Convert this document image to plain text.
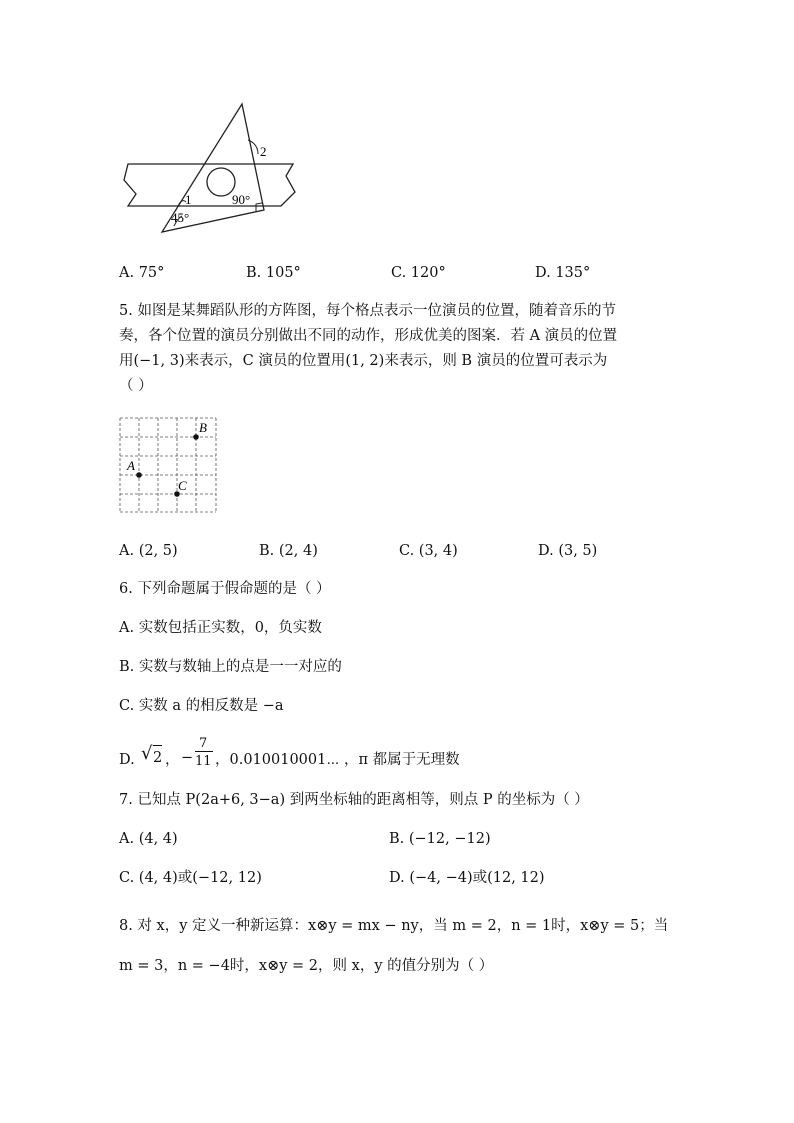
2
1	90°
45°
A. 75°	B. 105°	C. 120°	D. 135°
5. 如图是某舞蹈队形的方阵图，每个格点表示一位演员的位置，随着音乐的节
奏，各个位置的演员分别做出不同的动作，形成优美的图案．若 A 演员的位置
用(−1, 3)来表示，C 演员的位置用(1, 2)来表示，则 B 演员的位置可表示为
（ ）
B
A
C
A. (2, 5)	B. (2, 4)	C. (3, 4)	D. (3, 5)
6. 下列命题属于假命题的是（ ）
A. 实数包括正实数，0，负实数
B. 实数与数轴上的点是一一对应的
C. 实数 a 的相反数是 −a
D. √ 2 ， −
7
11 ，0.010010001⋯ ，π 都属于无理数
7. 已知点 P(2a+6, 3−a) 到两坐标轴的距离相等，则点 P 的坐标为（ ）
A. (4, 4)	B. (−12, −12)
C. (4, 4)或(−12, 12)	D. (−4, −4)或(12, 12)
8. 对 x，y 定义一种新运算：x⊗y = mx − ny，当 m = 2，n = 1时，x⊗y = 5；当
m = 3，n = −4时，x⊗y = 2，则 x，y 的值分别为（ ）
